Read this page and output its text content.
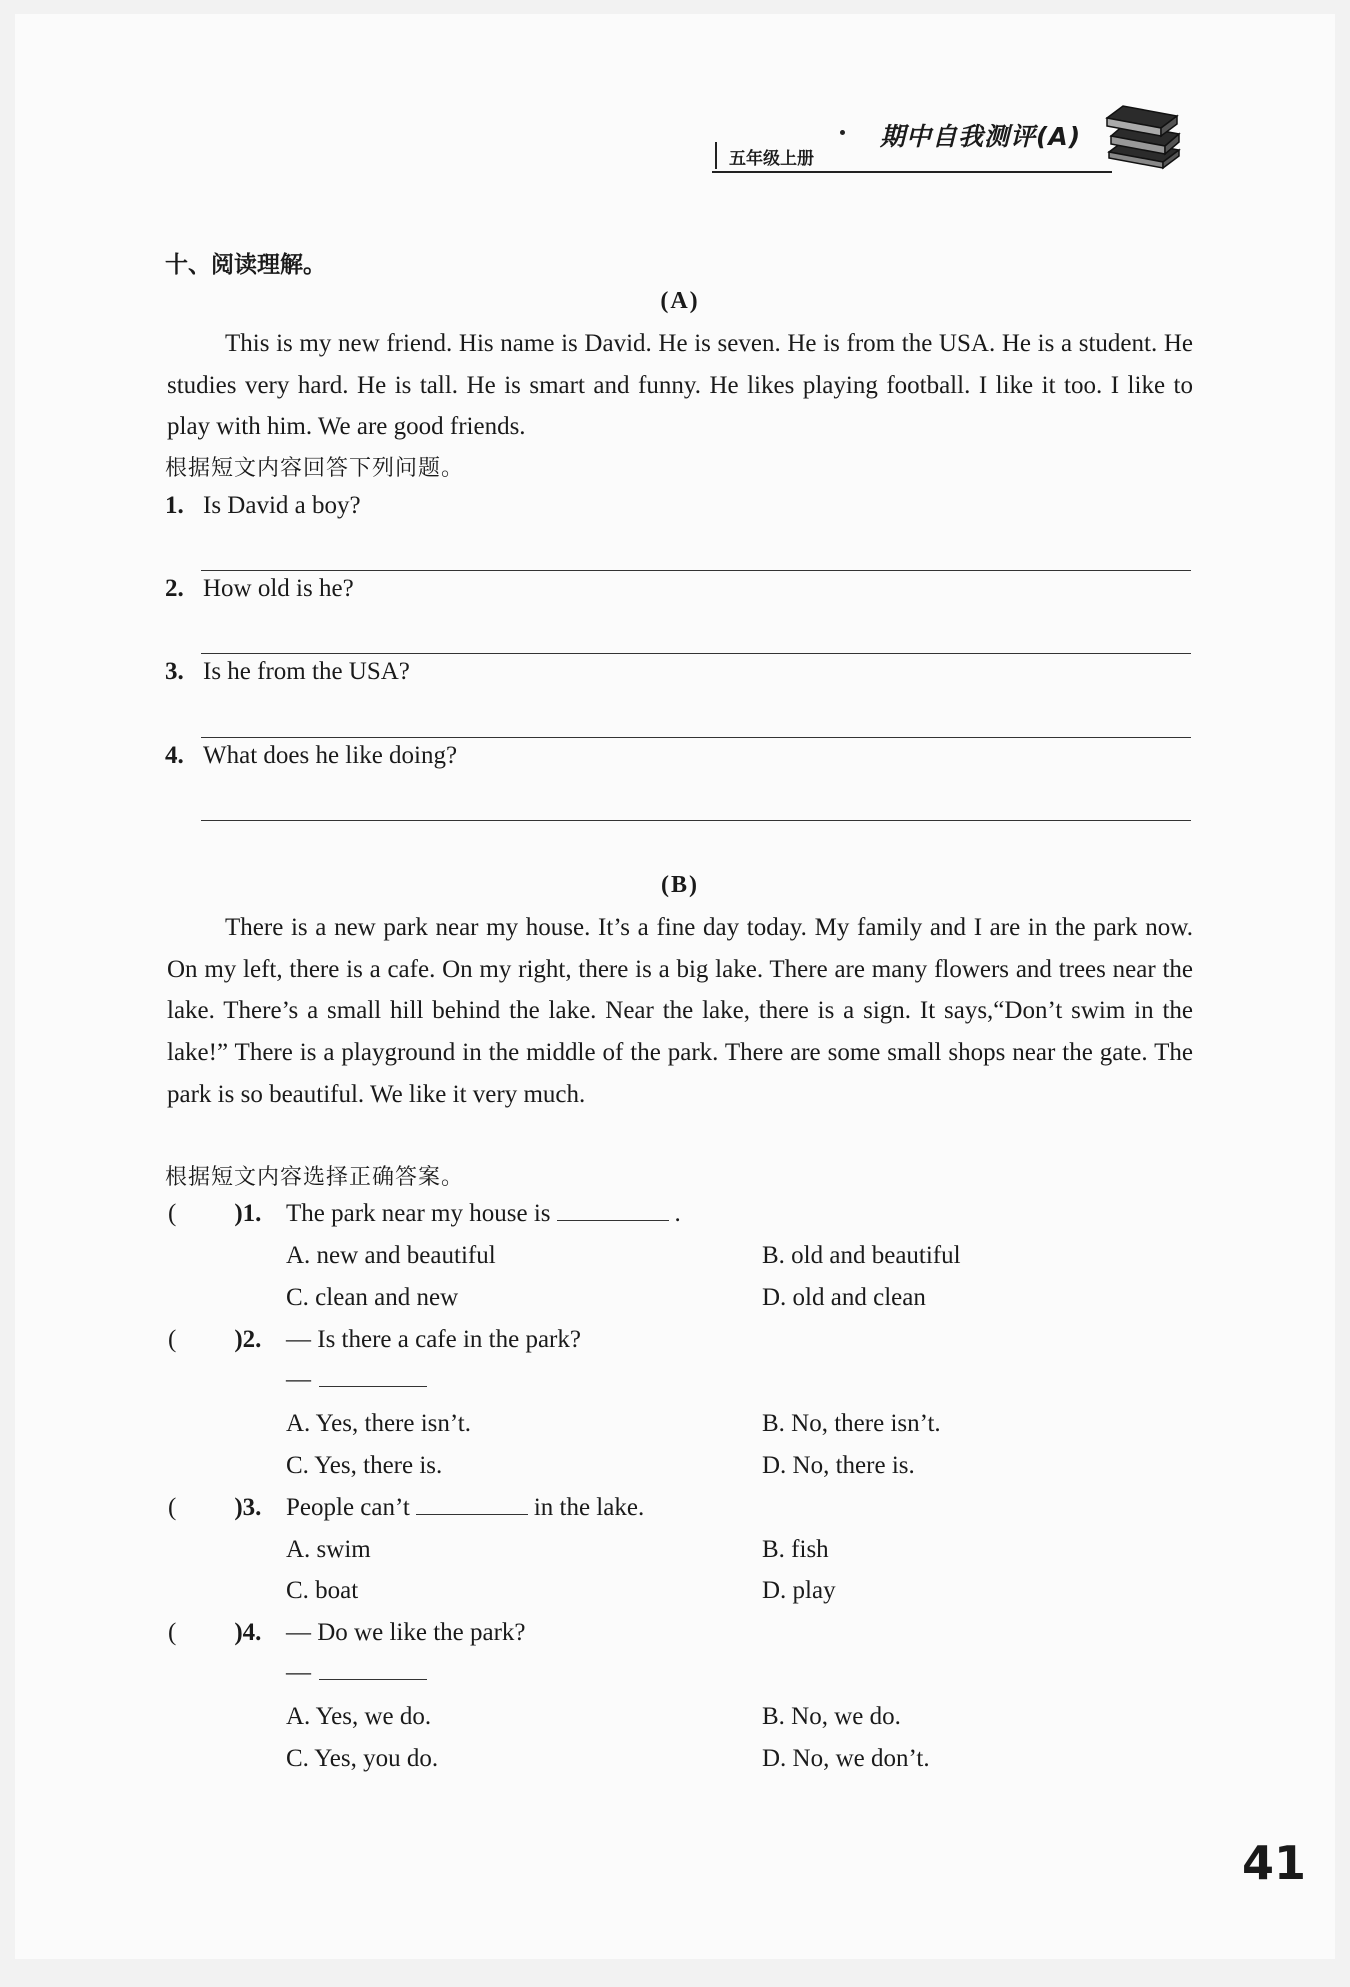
期中自我测评(A)
五年级上册
十、阅读理解。
(A)

This is my new friend. His name is David. He is seven. He is from the USA. He is a student. He studies very hard. He is tall. He is smart and funny. He likes playing football. I like it too. I like to play with him. We are good friends.

根据短文内容回答下列问题。
1. Is David a boy?
2. How old is he?
3. Is he from the USA?
4. What does he like doing?
(B)

There is a new park near my house. It’s a fine day today. My family and I are in the park now. On my left, there is a cafe. On my right, there is a big lake. There are many flowers and trees near the lake. There’s a small hill behind the lake. Near the lake, there is a sign. It says,“Don’t swim in the lake!” There is a playground in the middle of the park. There are some small shops near the gate. The park is so beautiful. We like it very much.

根据短文内容选择正确答案。
( )1. The park near my house is	.
A. new and beautiful	B. old and beautiful
C. clean and new	D. old and clean
( )2. — Is there a cafe in the park?
—
A. Yes, there isn’t.	B. No, there isn’t.
C. Yes, there is.	D. No, there is.
( )3. People can’t	in the lake.
A. swim	B. fish
C. boat	D. play
( )4. — Do we like the park?
—
A. Yes, we do.	B. No, we do.
C. Yes, you do.	D. No, we don’t.
41
